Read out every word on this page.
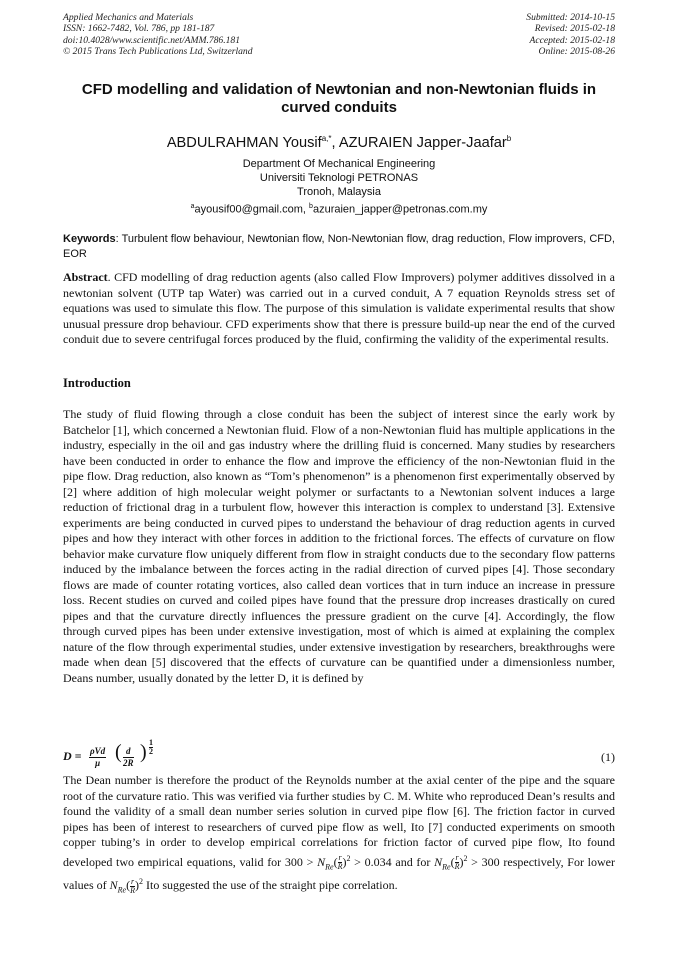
Applied Mechanics and Materials
ISSN: 1662-7482, Vol. 786, pp 181-187
doi:10.4028/www.scientific.net/AMM.786.181
© 2015 Trans Tech Publications Ltd, Switzerland
Submitted: 2014-10-15
Revised: 2015-02-18
Accepted: 2015-02-18
Online: 2015-08-26
CFD modelling and validation of Newtonian and non-Newtonian fluids in curved conduits
ABDULRAHMAN Yousif$^{a,*}$, AZURAIEN Japper-Jaafar$^b$
Department Of Mechanical Engineering
Universiti Teknologi PETRONAS
Tronoh, Malaysia
$^a$ayousif00@gmail.com, $^b$azuraien_japper@petronas.com.my
Keywords: Turbulent flow behaviour, Newtonian flow, Non-Newtonian flow, drag reduction, Flow improvers, CFD, EOR
Abstract. CFD modelling of drag reduction agents (also called Flow Improvers) polymer additives dissolved in a newtonian solvent (UTP tap Water) was carried out in a curved conduit, A 7 equation Reynolds stress set of equations was used to simulate this flow. The purpose of this simulation is validate experimental results that show unusual pressure drop behaviour. CFD experiments show that there is pressure build-up near the end of the curved conduit due to severe centrifugal forces produced by the fluid, confirming the validity of the experimental results.
Introduction
The study of fluid flowing through a close conduit has been the subject of interest since the early work by Batchelor [1], which concerned a Newtonian fluid. Flow of a non-Newtonian fluid has multiple applications in the industry, especially in the oil and gas industry where the drilling fluid is concerned. Many studies by researchers have been conducted in order to enhance the flow and improve the efficiency of the non-Newtonian fluid in the pipe flow. Drag reduction, also known as “Tom’s phenomenon” is a phenomenon first experimentally observed by [2] where addition of high molecular weight polymer or surfactants to a Newtonian solvent induces a large reduction of frictional drag in a turbulent flow, however this interaction is complex to understand [3]. Extensive experiments are being conducted in curved pipes to understand the behaviour of drag reduction agents in curved pipes and how they interact with other forces in addition to the frictional forces. The effects of curvature on flow behavior make curvature flow uniquely different from flow in straight conducts due to the secondary flow patterns induced by the imbalance between the forces acting in the radial direction of curved pipes [4]. Those secondary flows are made of counter rotating vortices, also called dean vortices that in turn induce an increase in pressure loss. Recent studies on curved and coiled pipes have found that the pressure drop increases drastically on cured pipes and that the curvature directly influences the pressure gradient on the curve [4]. Accordingly, the flow through curved pipes has been under extensive investigation, most of which is aimed at explaining the complex nature of the flow through experimental studies, under extensive investigation by researchers, breakthroughs were made when dean [5] discovered that the effects of curvature can be quantified under a dimensionless number, Deans number, usually donated by the letter D, it is defined by
D = ρVd
μ ( $\frac{d}{2R}$ ) $\frac{1}{2}$
(1)
The Dean number is therefore the product of the Reynolds number at the axial center of the pipe and the square root of the curvature ratio. This was verified via further studies by C. M. White who reproduced Dean’s results and found the validity of a small dean number series solution in curved pipe flow [6]. The friction factor in curved pipes has been of interest to researchers of curved pipe flow as well, Ito [7] conducted experiments on smooth copper tubing’s in order to develop empirical correlations for friction factor of curved pipe flow, Ito found developed two empirical equations, valid for $300 > N_{Re}( \frac{r}{R} )^2 > 0.034$ and for $N_{Re}( \frac{r}{R} )^2 > 300$ respectively, For lower values of $N_{Re}( \frac{r}{R} )^2$ Ito suggested the use of the straight pipe correlation.
